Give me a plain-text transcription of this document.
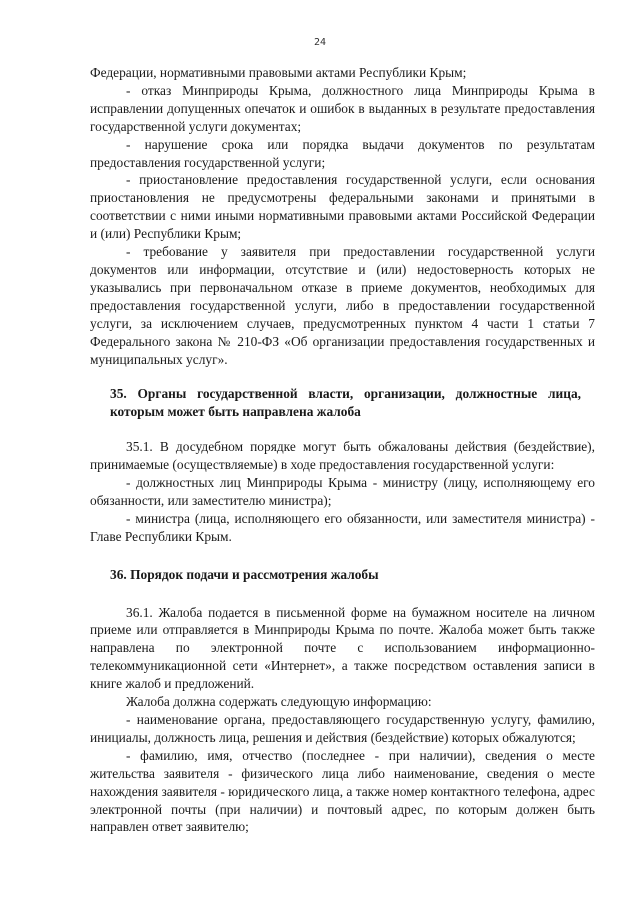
24

Федерации, нормативными правовыми актами Республики Крым;

- отказ Минприроды Крыма, должностного лица Минприроды Крыма в исправлении допущенных опечаток и ошибок в выданных в результате предоставления государственной услуги документах;

- нарушение срока или порядка выдачи документов по результатам предоставления государственной услуги;

- приостановление предоставления государственной услуги, если основания приостановления не предусмотрены федеральными законами и принятыми в соответствии с ними иными нормативными правовыми актами Российской Федерации и (или) Республики Крым;

- требование у заявителя при предоставлении государственной услуги документов или информации, отсутствие и (или) недостоверность которых не указывались при первоначальном отказе в приеме документов, необходимых для предоставления государственной услуги, либо в предоставлении государственной услуги, за исключением случаев, предусмотренных пунктом 4 части 1 статьи 7 Федерального закона № 210-ФЗ «Об организации предоставления государственных и муниципальных услуг».

35. Органы государственной власти, организации, должностные лица, которым может быть направлена жалоба

35.1. В досудебном порядке могут быть обжалованы действия (бездействие), принимаемые (осуществляемые) в ходе предоставления государственной услуги:

- должностных лиц Минприроды Крыма - министру (лицу, исполняющему его обязанности, или заместителю министра);

- министра (лица, исполняющего его обязанности, или заместителя министра) - Главе Республики Крым.

36. Порядок подачи и рассмотрения жалобы

36.1. Жалоба подается в письменной форме на бумажном носителе на личном приеме или отправляется в Минприроды Крыма по почте. Жалоба может быть также направлена по электронной почте с использованием информационно-телекоммуникационной сети «Интернет», а также посредством оставления записи в книге жалоб и предложений.

Жалоба должна содержать следующую информацию:

- наименование органа, предоставляющего государственную услугу, фамилию, инициалы, должность лица, решения и действия (бездействие) которых обжалуются;

- фамилию, имя, отчество (последнее - при наличии), сведения о месте жительства заявителя - физического лица либо наименование, сведения о месте нахождения заявителя - юридического лица, а также номер контактного телефона, адрес электронной почты (при наличии) и почтовый адрес, по которым должен быть направлен ответ заявителю;
